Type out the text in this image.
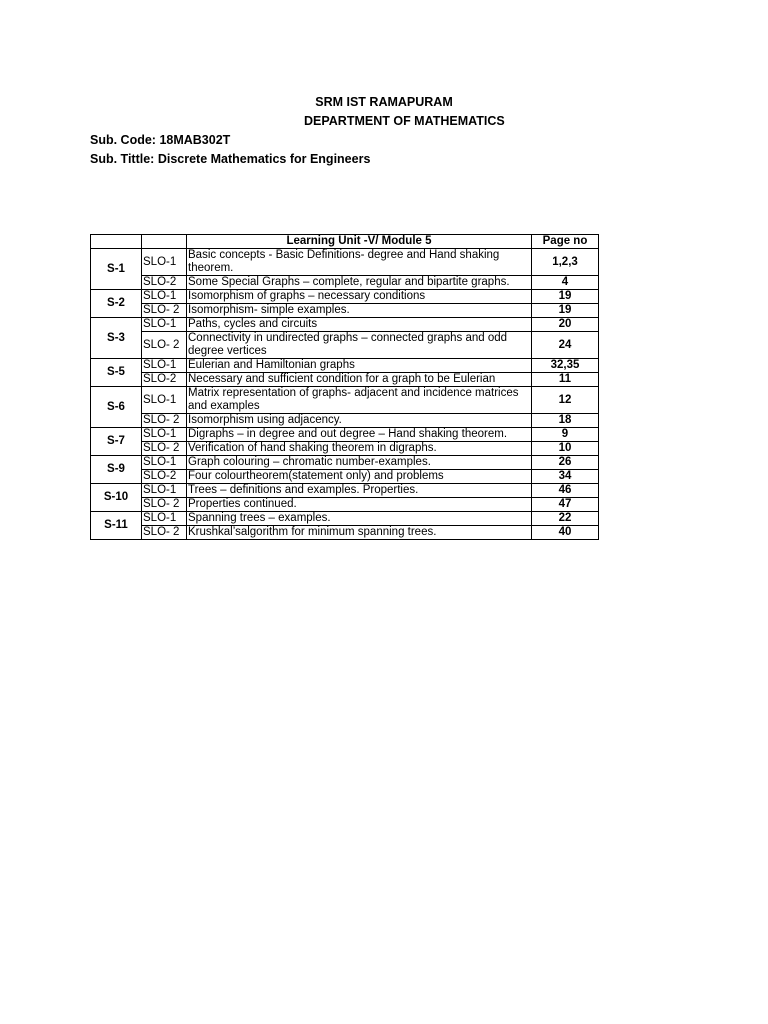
SRM IST RAMAPURAM
DEPARTMENT OF MATHEMATICS
Sub. Code: 18MAB302T
Sub. Tittle: Discrete Mathematics for Engineers
		Learning Unit -V/ Module 5	Page no
S-1	SLO-1	Basic concepts - Basic Definitions- degree and Hand shaking theorem.	1,2,3
	SLO-2	Some Special Graphs – complete, regular and bipartite graphs.	4
S-2	SLO-1	Isomorphism of graphs – necessary conditions	19
	SLO- 2	Isomorphism- simple examples.	19
S-3	SLO-1	Paths, cycles and circuits	20
	SLO- 2	Connectivity in undirected graphs – connected graphs and odd degree vertices	24
S-5	SLO-1	Eulerian and Hamiltonian graphs	32,35
	SLO-2	Necessary and sufficient condition for a graph to be Eulerian	11
S-6	SLO-1	Matrix representation of graphs- adjacent and incidence matrices and examples	12
	SLO- 2	Isomorphism using adjacency.	18
S-7	SLO-1	Digraphs – in degree and out degree – Hand shaking theorem.	9
	SLO- 2	Verification of hand shaking theorem in digraphs.	10
S-9	SLO-1	Graph colouring – chromatic number-examples.	26
	SLO-2	Four colourtheorem(statement only) and problems	34
S-10	SLO-1	Trees – definitions and examples. Properties.	46
	SLO- 2	Properties continued.	47
S-11	SLO-1	Spanning trees – examples.	22
	SLO- 2	Krushkal’salgorithm for minimum spanning trees.	40
